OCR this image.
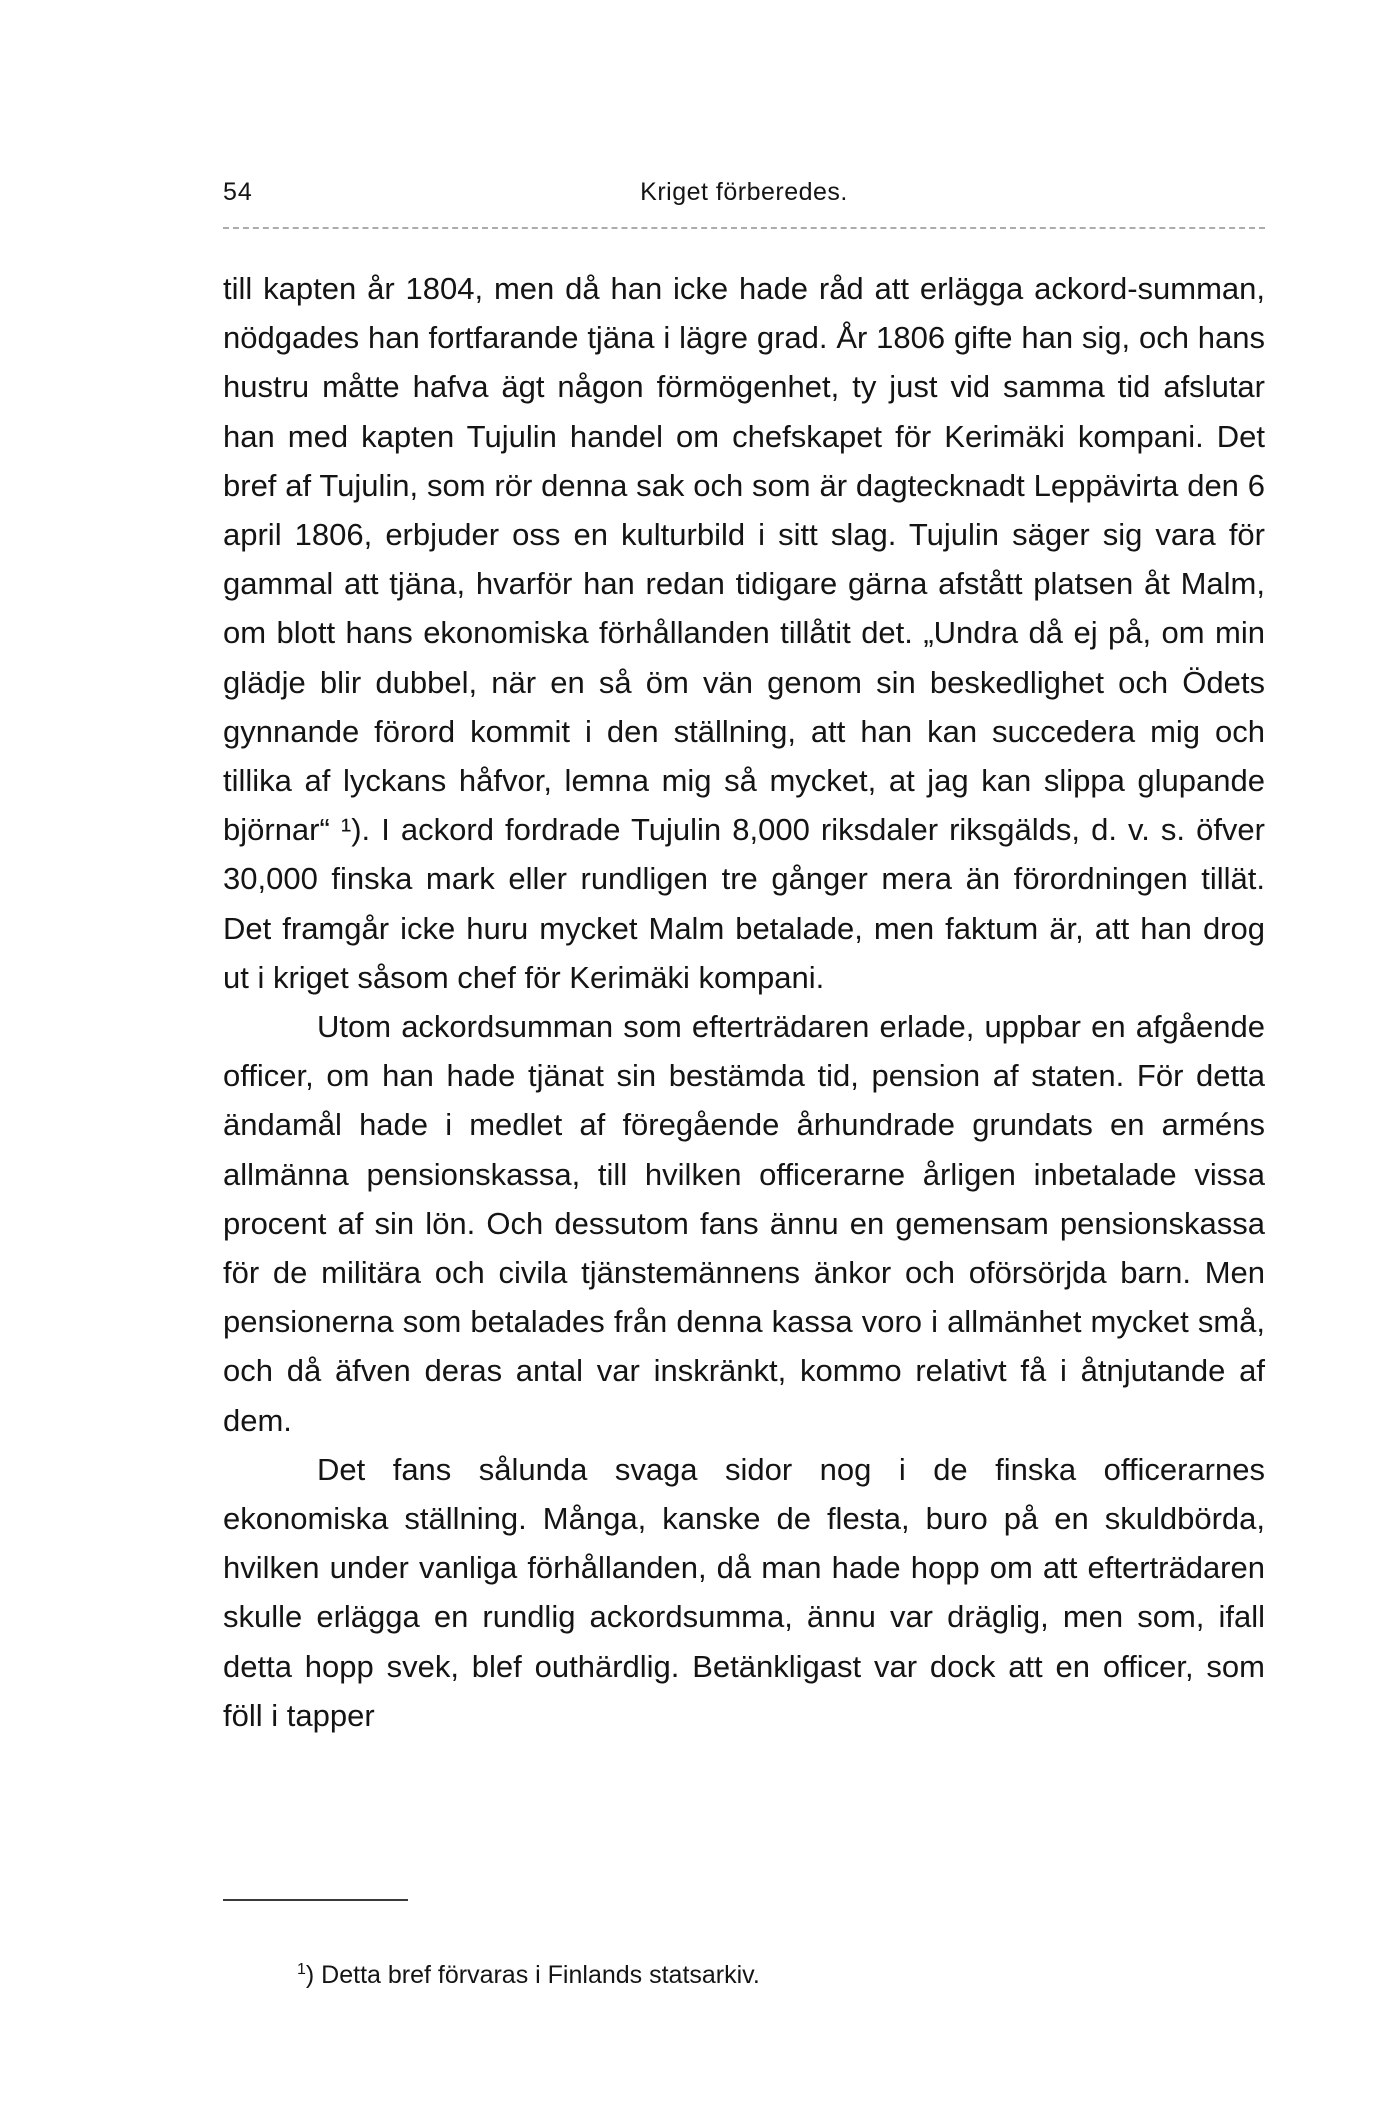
54	Kriget förberedes.

till kapten år 1804, men då han icke hade råd att erlägga ackord-summan, nödgades han fortfarande tjäna i lägre grad. År 1806 gifte han sig, och hans hustru måtte hafva ägt någon förmögenhet, ty just vid samma tid afslutar han med kapten Tujulin handel om chefskapet för Kerimäki kompani. Det bref af Tujulin, som rör denna sak och som är dagtecknadt Leppävirta den 6 april 1806, erbjuder oss en kulturbild i sitt slag. Tujulin säger sig vara för gammal att tjäna, hvarför han redan tidigare gärna afstått platsen åt Malm, om blott hans ekonomiska förhållanden tillåtit det. „Undra då ej på, om min glädje blir dubbel, när en så öm vän genom sin beskedlighet och Ödets gynnande förord kommit i den ställning, att han kan succedera mig och tillika af lyckans håfvor, lemna mig så mycket, at jag kan slippa glupande björnar“ ¹). I ackord fordrade Tujulin 8,000 riksdaler riksgälds, d. v. s. öfver 30,000 finska mark eller rundligen tre gånger mera än förordningen tillät. Det framgår icke huru mycket Malm betalade, men faktum är, att han drog ut i kriget såsom chef för Kerimäki kompani.

Utom ackordsumman som efterträdaren erlade, uppbar en afgående officer, om han hade tjänat sin bestämda tid, pension af staten. För detta ändamål hade i medlet af föregående århundrade grundats en arméns allmänna pensionskassa, till hvilken officerarne årligen inbetalade vissa procent af sin lön. Och dessutom fans ännu en gemensam pensionskassa för de militära och civila tjänstemännens änkor och oförsörjda barn. Men pensionerna som betalades från denna kassa voro i allmänhet mycket små, och då äfven deras antal var inskränkt, kommo relativt få i åtnjutande af dem.

Det fans sålunda svaga sidor nog i de finska officerarnes ekonomiska ställning. Många, kanske de flesta, buro på en skuldbörda, hvilken under vanliga förhållanden, då man hade hopp om att efterträdaren skulle erlägga en rundlig ackordsumma, ännu var dräglig, men som, ifall detta hopp svek, blef outhärdlig. Betänkligast var dock att en officer, som föll i tapper

$^1$) Detta bref förvaras i Finlands statsarkiv.
